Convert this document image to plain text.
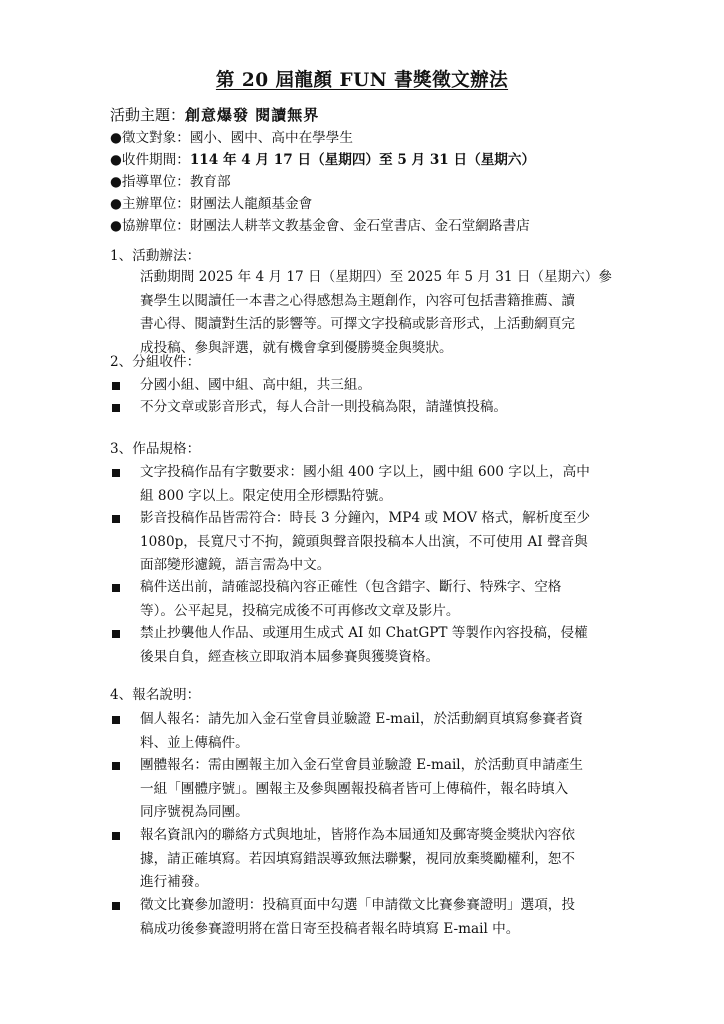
第 20 屆龍顏 FUN 書獎徵文辦法
活動主題：創意爆發 閱讀無界
●徵文對象：國小、國中、高中在學學生
●收件期間：114 年 4 月 17 日（星期四）至 5 月 31 日（星期六）
●指導單位：教育部
●主辦單位：財團法人龍顏基金會
●協辦單位：財團法人耕莘文教基金會、金石堂書店、金石堂網路書店
1、活動辦法：
活動期間 2025 年 4 月 17 日（星期四）至 2025 年 5 月 31 日（星期六）參
賽學生以閱讀任一本書之心得感想為主題創作，內容可包括書籍推薦、讀
書心得、閱讀對生活的影響等。可擇文字投稿或影音形式，上活動網頁完
成投稿、參與評選，就有機會拿到優勝獎金與獎狀。
2、分組收件：
分國小組、國中組、高中組，共三組。
不分文章或影音形式，每人合計一則投稿為限，請謹慎投稿。
3、作品規格：
文字投稿作品有字數要求：國小組 400 字以上，國中組 600 字以上，高中
組 800 字以上。限定使用全形標點符號。
影音投稿作品皆需符合：時長 3 分鐘內，MP4 或 MOV 格式，解析度至少
1080p，長寬尺寸不拘，鏡頭與聲音限投稿本人出演，不可使用 AI 聲音與
面部變形濾鏡，語言需為中文。
稿件送出前，請確認投稿內容正確性（包含錯字、斷行、特殊字、空格
等）。公平起見，投稿完成後不可再修改文章及影片。
禁止抄襲他人作品、或運用生成式 AI 如 ChatGPT 等製作內容投稿，侵權
後果自負，經查核立即取消本屆參賽與獲獎資格。
4、報名說明：
個人報名：請先加入金石堂會員並驗證 E-mail，於活動網頁填寫參賽者資
料、並上傳稿件。
團體報名：需由團報主加入金石堂會員並驗證 E-mail，於活動頁申請產生
一組「團體序號」。團報主及參與團報投稿者皆可上傳稿件，報名時填入
同序號視為同團。
報名資訊內的聯絡方式與地址，皆將作為本屆通知及郵寄獎金獎狀內容依
據，請正確填寫。若因填寫錯誤導致無法聯繫，視同放棄獎勵權利，恕不
進行補發。
徵文比賽參加證明：投稿頁面中勾選「申請徵文比賽參賽證明」選項，投
稿成功後參賽證明將在當日寄至投稿者報名時填寫 E-mail 中。
